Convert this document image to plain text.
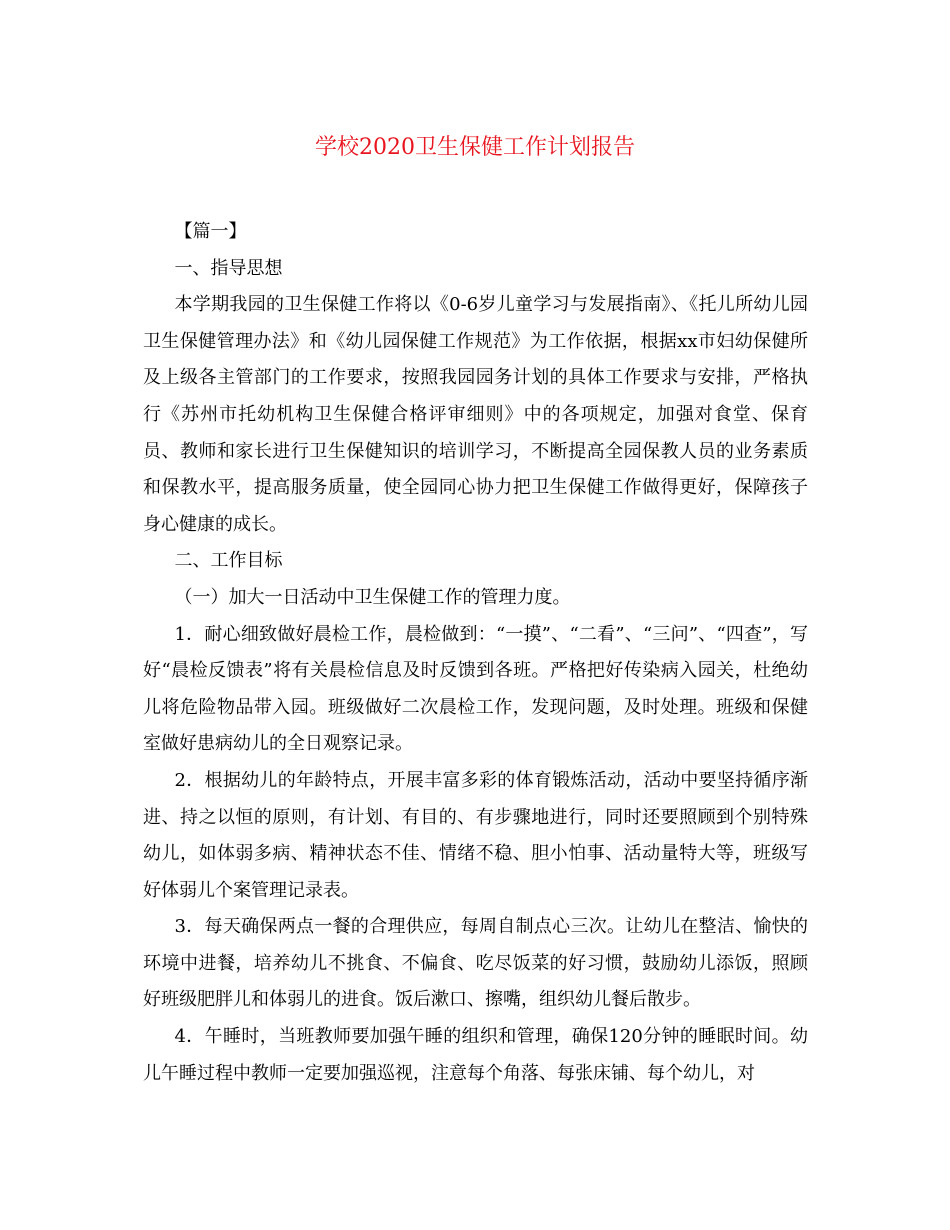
学校2020卫生保健工作计划报告

【篇一】

一、指导思想

本学期我园的卫生保健工作将以《0-6岁儿童学习与发展指南》、《托儿所幼儿园卫生保健管理办法》和《幼儿园保健工作规范》为工作依据，根据xx市妇幼保健所及上级各主管部门的工作要求，按照我园园务计划的具体工作要求与安排，严格执行《苏州市托幼机构卫生保健合格评审细则》中的各项规定，加强对食堂、保育员、教师和家长进行卫生保健知识的培训学习，不断提高全园保教人员的业务素质和保教水平，提高服务质量，使全园同心协力把卫生保健工作做得更好，保障孩子身心健康的成长。

二、工作目标

（一）加大一日活动中卫生保健工作的管理力度。

1．耐心细致做好晨检工作，晨检做到：“一摸”、“二看”、“三问”、“四查”，写好“晨检反馈表”将有关晨检信息及时反馈到各班。严格把好传染病入园关，杜绝幼儿将危险物品带入园。班级做好二次晨检工作，发现问题，及时处理。班级和保健室做好患病幼儿的全日观察记录。

2．根据幼儿的年龄特点，开展丰富多彩的体育锻炼活动，活动中要坚持循序渐进、持之以恒的原则，有计划、有目的、有步骤地进行，同时还要照顾到个别特殊幼儿，如体弱多病、精神状态不佳、情绪不稳、胆小怕事、活动量特大等，班级写好体弱儿个案管理记录表。

3．每天确保两点一餐的合理供应，每周自制点心三次。让幼儿在整洁、愉快的环境中进餐，培养幼儿不挑食、不偏食、吃尽饭菜的好习惯，鼓励幼儿添饭，照顾好班级肥胖儿和体弱儿的进食。饭后漱口、擦嘴，组织幼儿餐后散步。

4．午睡时，当班教师要加强午睡的组织和管理，确保120分钟的睡眠时间。幼儿午睡过程中教师一定要加强巡视，注意每个角落、每张床铺、每个幼儿，对
